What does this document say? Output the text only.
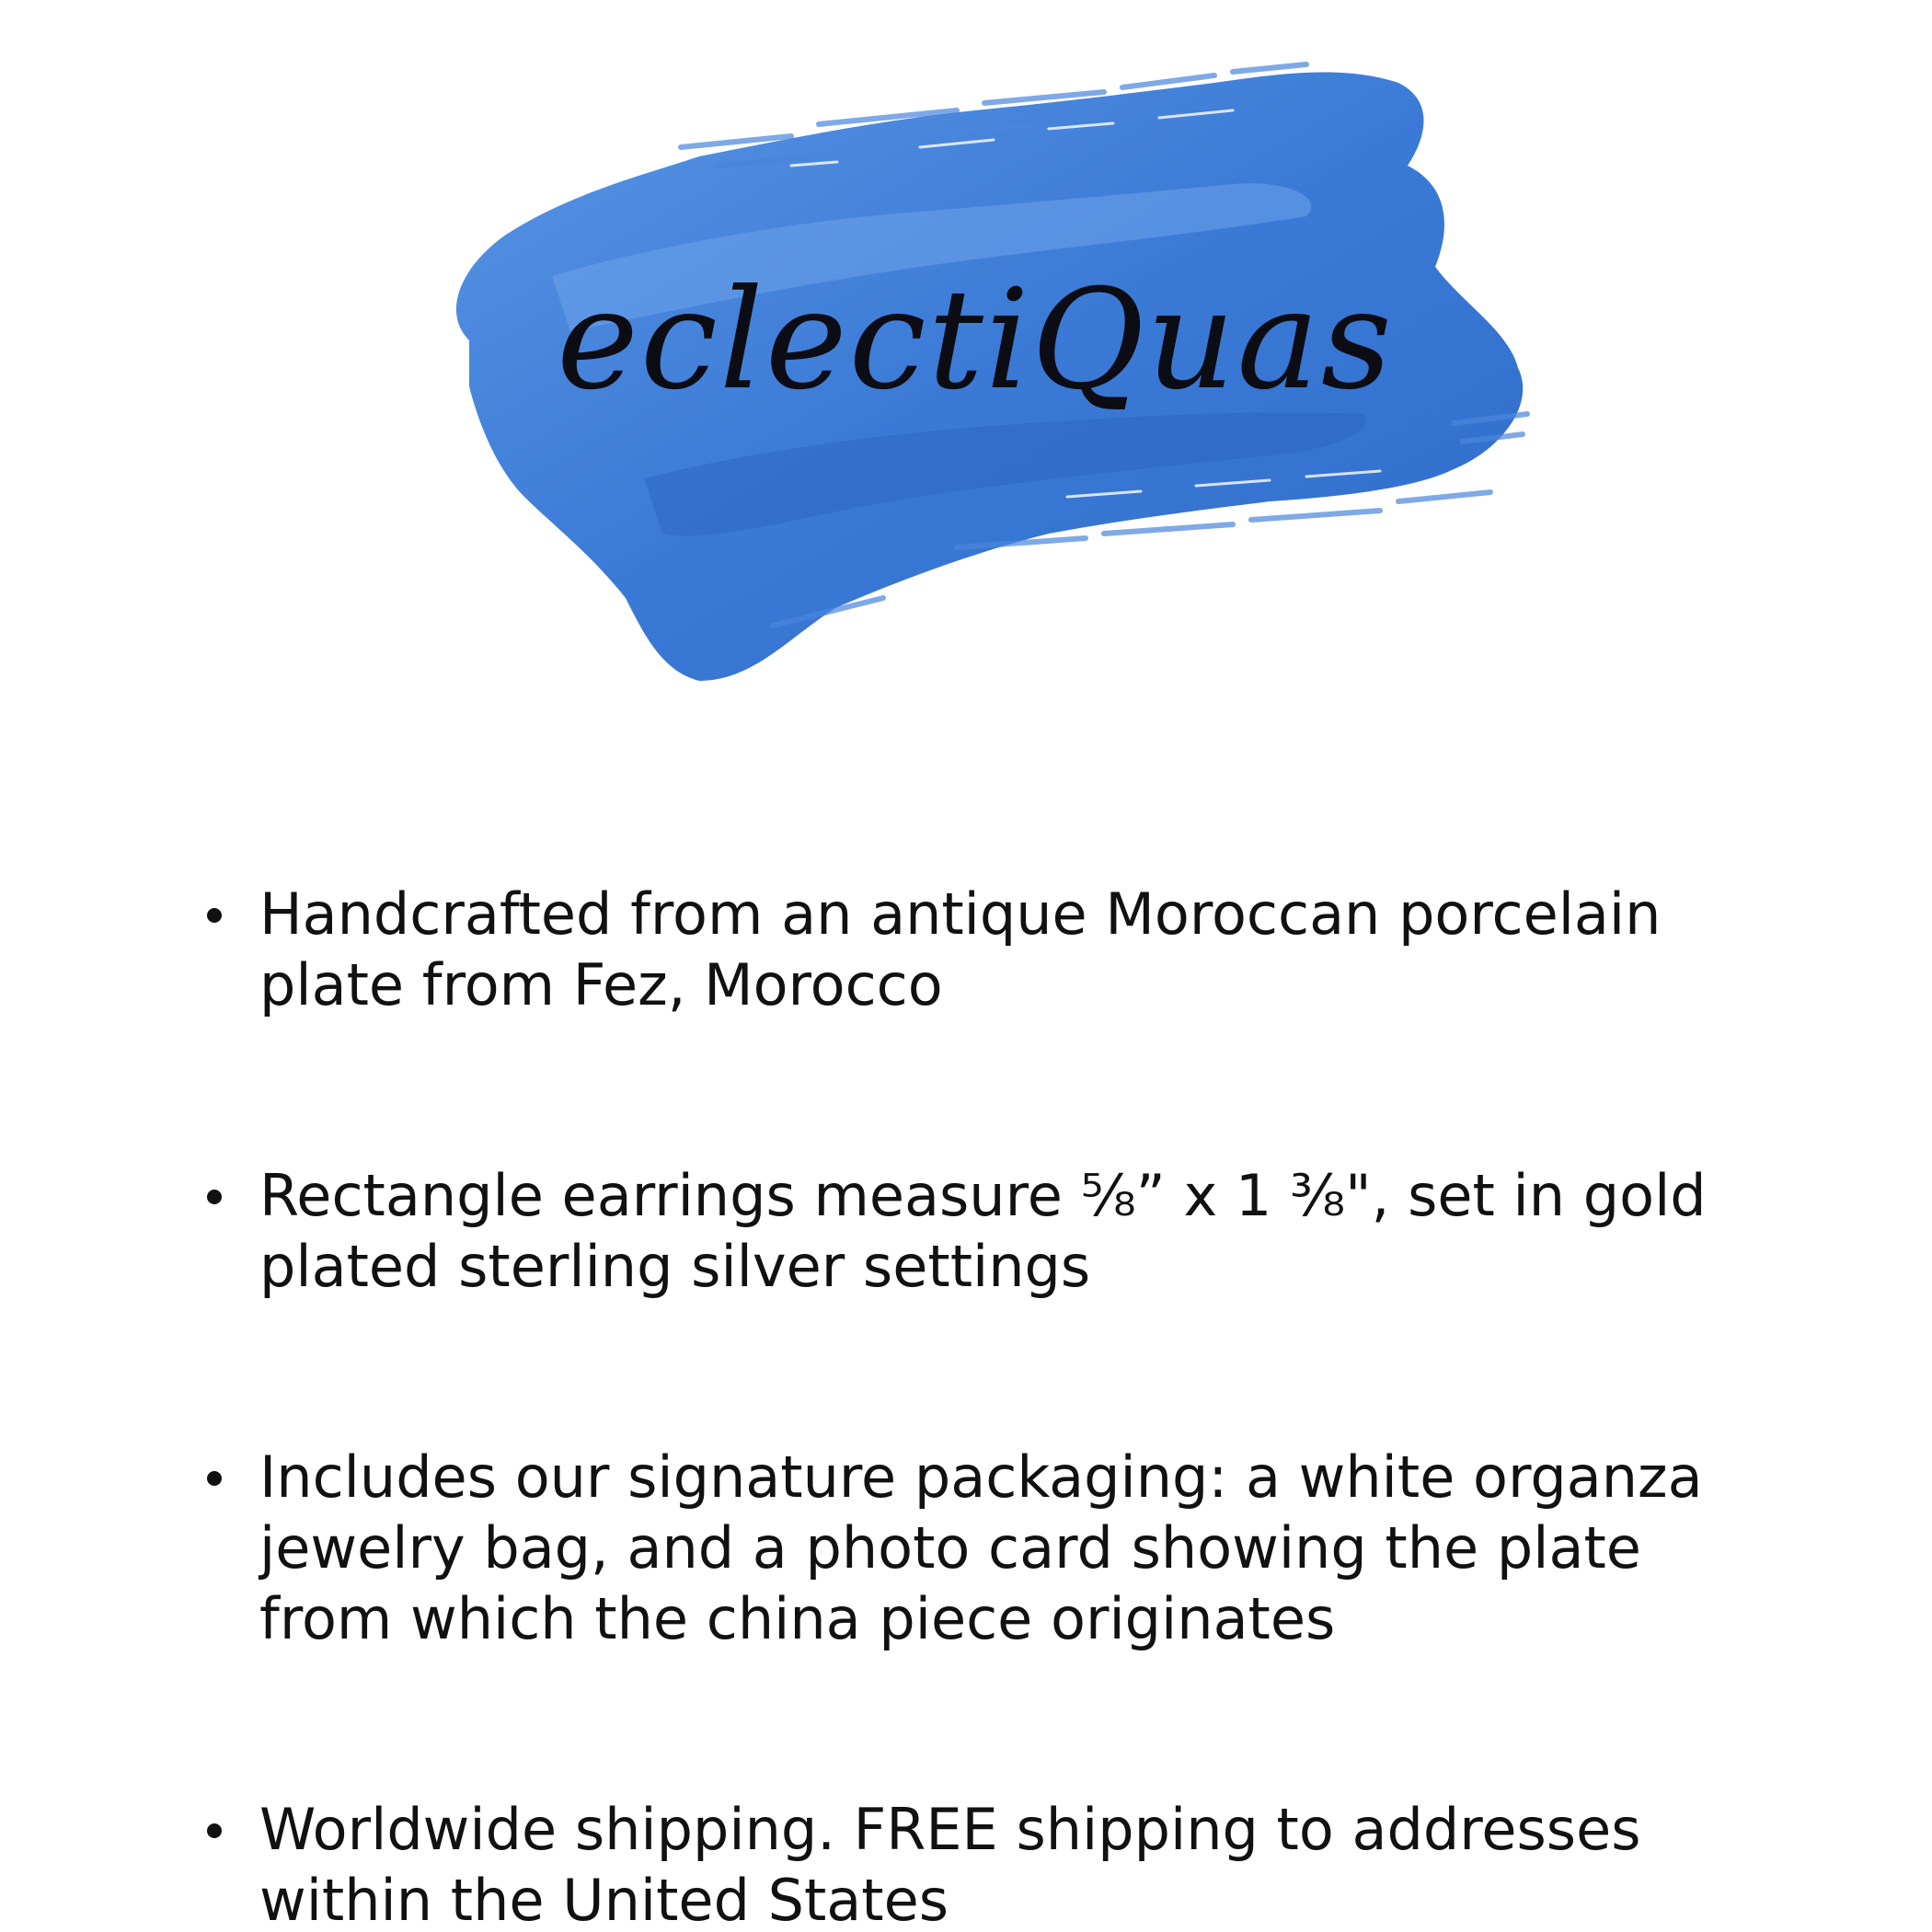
eclectiQuas
Handcrafted from an antique Moroccan porcelain plate from Fez, Morocco
Rectangle earrings measure ⅝” x 1 ⅜", set in gold plated sterling silver settings
Includes our signature packaging: a white organza jewelry bag, and a photo card showing the plate from which the china piece originates
Worldwide shipping. FREE shipping to addresses within the United States
